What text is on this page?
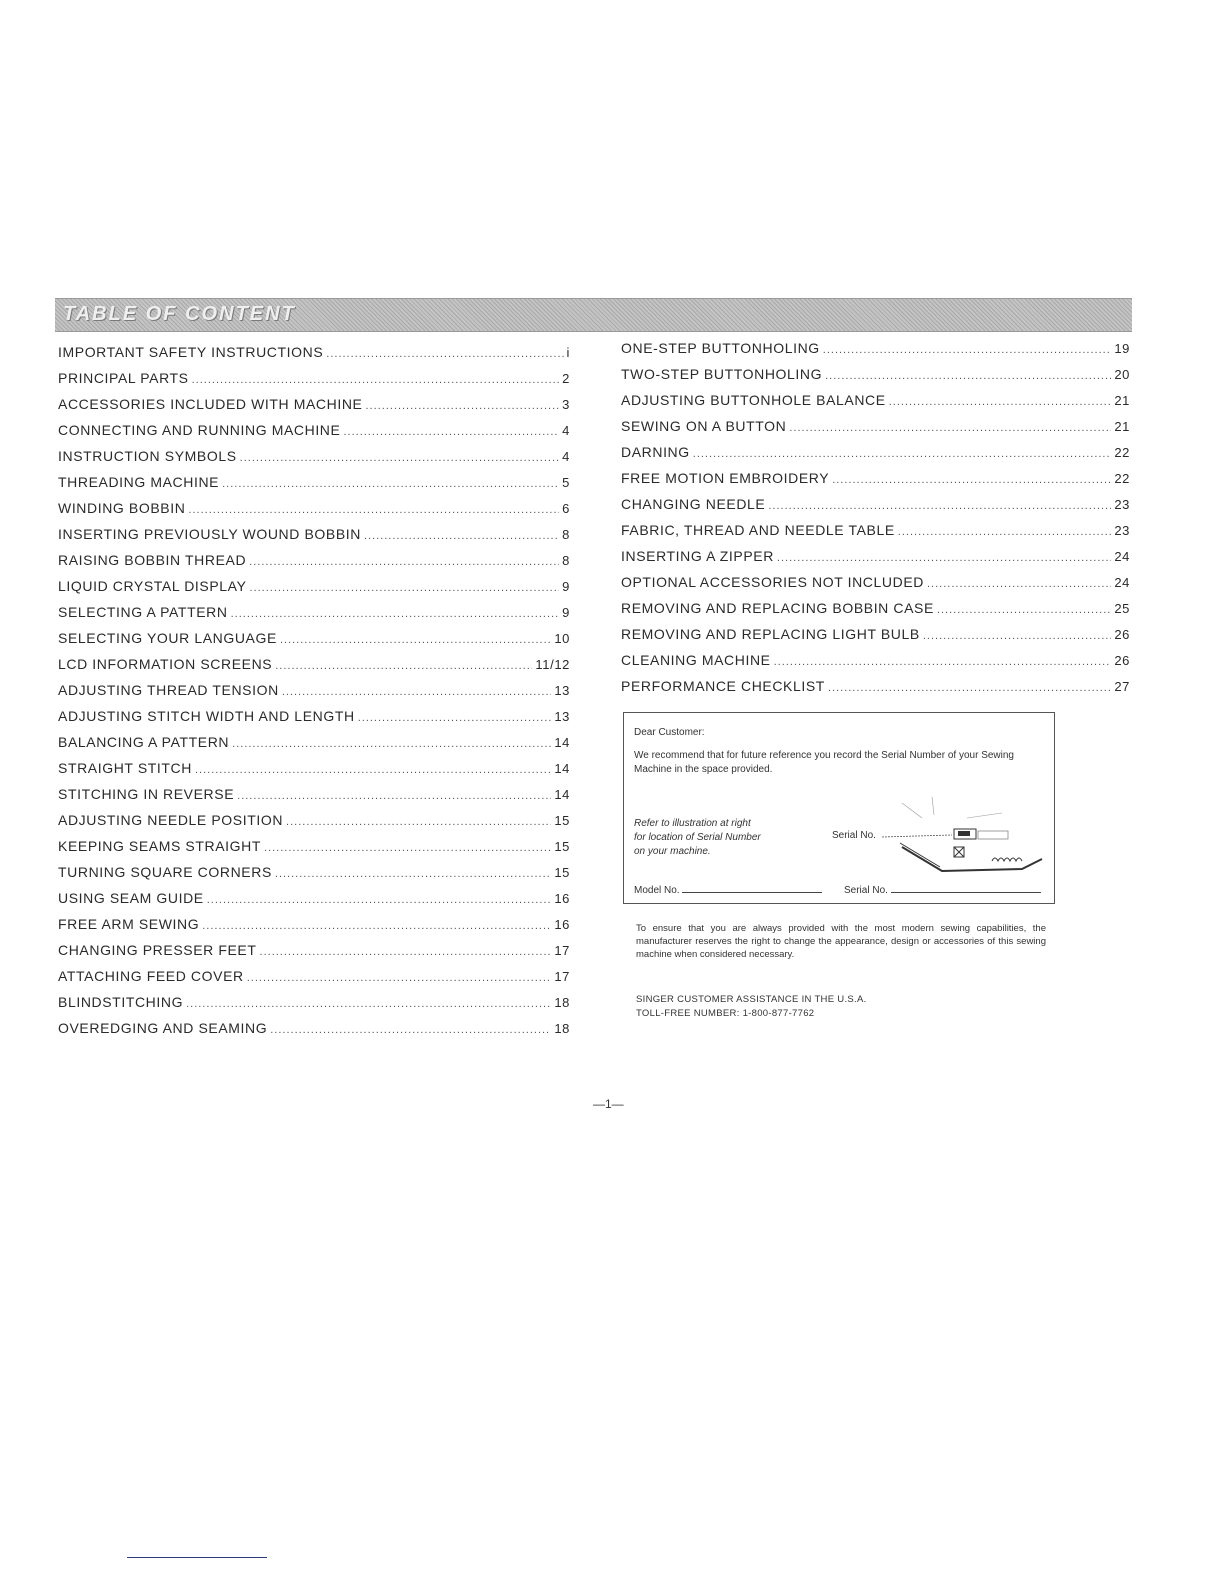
TABLE OF CONTENT
IMPORTANT SAFETY INSTRUCTIONS .....	i
PRINCIPAL PARTS .....	2
ACCESSORIES INCLUDED WITH MACHINE .....	3
CONNECTING AND RUNNING MACHINE .....	4
INSTRUCTION SYMBOLS .....	4
THREADING MACHINE .....	5
WINDING BOBBIN .....	6
INSERTING PREVIOUSLY WOUND BOBBIN .....	8
RAISING BOBBIN THREAD .....	8
LIQUID CRYSTAL DISPLAY .....	9
SELECTING A PATTERN .....	9
SELECTING YOUR LANGUAGE .....	10
LCD INFORMATION SCREENS .....	11/12
ADJUSTING THREAD TENSION .....	13
ADJUSTING STITCH WIDTH AND LENGTH .....	13
BALANCING A PATTERN .....	14
STRAIGHT STITCH .....	14
STITCHING IN REVERSE .....	14
ADJUSTING NEEDLE POSITION .....	15
KEEPING SEAMS STRAIGHT .....	15
TURNING SQUARE CORNERS .....	15
USING SEAM GUIDE .....	16
FREE ARM SEWING .....	16
CHANGING PRESSER FEET .....	17
ATTACHING FEED COVER .....	17
BLINDSTITCHING .....	18
OVEREDGING AND SEAMING .....	18
ONE-STEP BUTTONHOLING .....	19
TWO-STEP BUTTONHOLING .....	20
ADJUSTING BUTTONHOLE BALANCE .....	21
SEWING ON A BUTTON .....	21
DARNING .....	22
FREE MOTION EMBROIDERY .....	22
CHANGING NEEDLE .....	23
FABRIC, THREAD AND NEEDLE TABLE .....	23
INSERTING A ZIPPER .....	24
OPTIONAL ACCESSORIES NOT INCLUDED .....	24
REMOVING AND REPLACING BOBBIN CASE .....	25
REMOVING AND REPLACING LIGHT BULB .....	26
CLEANING MACHINE .....	26
PERFORMANCE CHECKLIST .....	27
Dear Customer:
We recommend that for future reference you record the Serial Number of your Sewing Machine in the space provided.
Refer to illustration at right for location of Serial Number on your machine.
Serial No.
Model No.	Serial No.
To ensure that you are always provided with the most modern sewing capabilities, the manufacturer reserves the right to change the appearance, design or accessories of this sewing machine when considered necessary.
SINGER CUSTOMER ASSISTANCE IN THE U.S.A.
TOLL-FREE NUMBER: 1-800-877-7762
—1—
